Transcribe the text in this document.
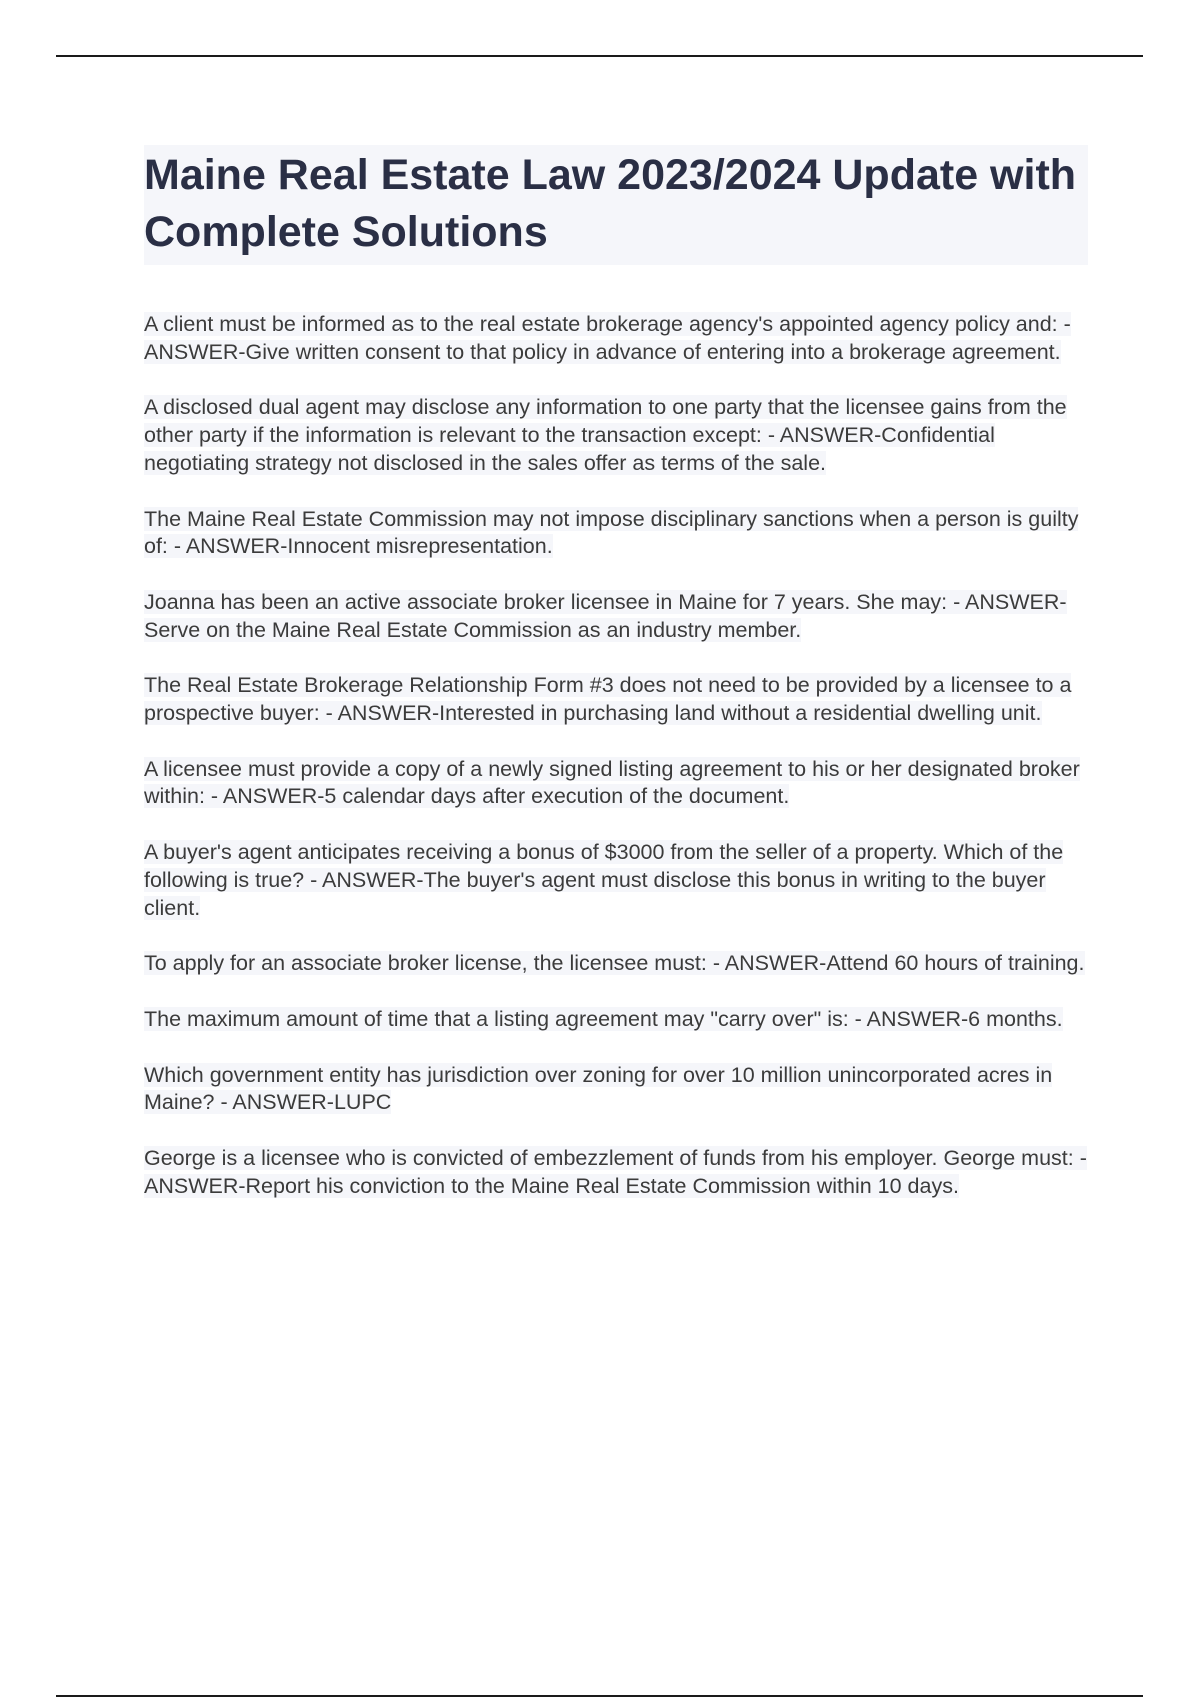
Maine Real Estate Law 2023/2024 Update with Complete Solutions

A client must be informed as to the real estate brokerage agency's appointed agency policy and: - ANSWER-Give written consent to that policy in advance of entering into a brokerage agreement.

A disclosed dual agent may disclose any information to one party that the licensee gains from the other party if the information is relevant to the transaction except: - ANSWER-Confidential negotiating strategy not disclosed in the sales offer as terms of the sale.

The Maine Real Estate Commission may not impose disciplinary sanctions when a person is guilty of: - ANSWER-Innocent misrepresentation.

Joanna has been an active associate broker licensee in Maine for 7 years. She may: - ANSWER-Serve on the Maine Real Estate Commission as an industry member.

The Real Estate Brokerage Relationship Form #3 does not need to be provided by a licensee to a prospective buyer: - ANSWER-Interested in purchasing land without a residential dwelling unit.

A licensee must provide a copy of a newly signed listing agreement to his or her designated broker within: - ANSWER-5 calendar days after execution of the document.

A buyer's agent anticipates receiving a bonus of $3000 from the seller of a property. Which of the following is true? - ANSWER-The buyer's agent must disclose this bonus in writing to the buyer client.

To apply for an associate broker license, the licensee must: - ANSWER-Attend 60 hours of training.

The maximum amount of time that a listing agreement may "carry over" is: - ANSWER-6 months.

Which government entity has jurisdiction over zoning for over 10 million unincorporated acres in Maine? - ANSWER-LUPC

George is a licensee who is convicted of embezzlement of funds from his employer. George must: - ANSWER-Report his conviction to the Maine Real Estate Commission within 10 days.
